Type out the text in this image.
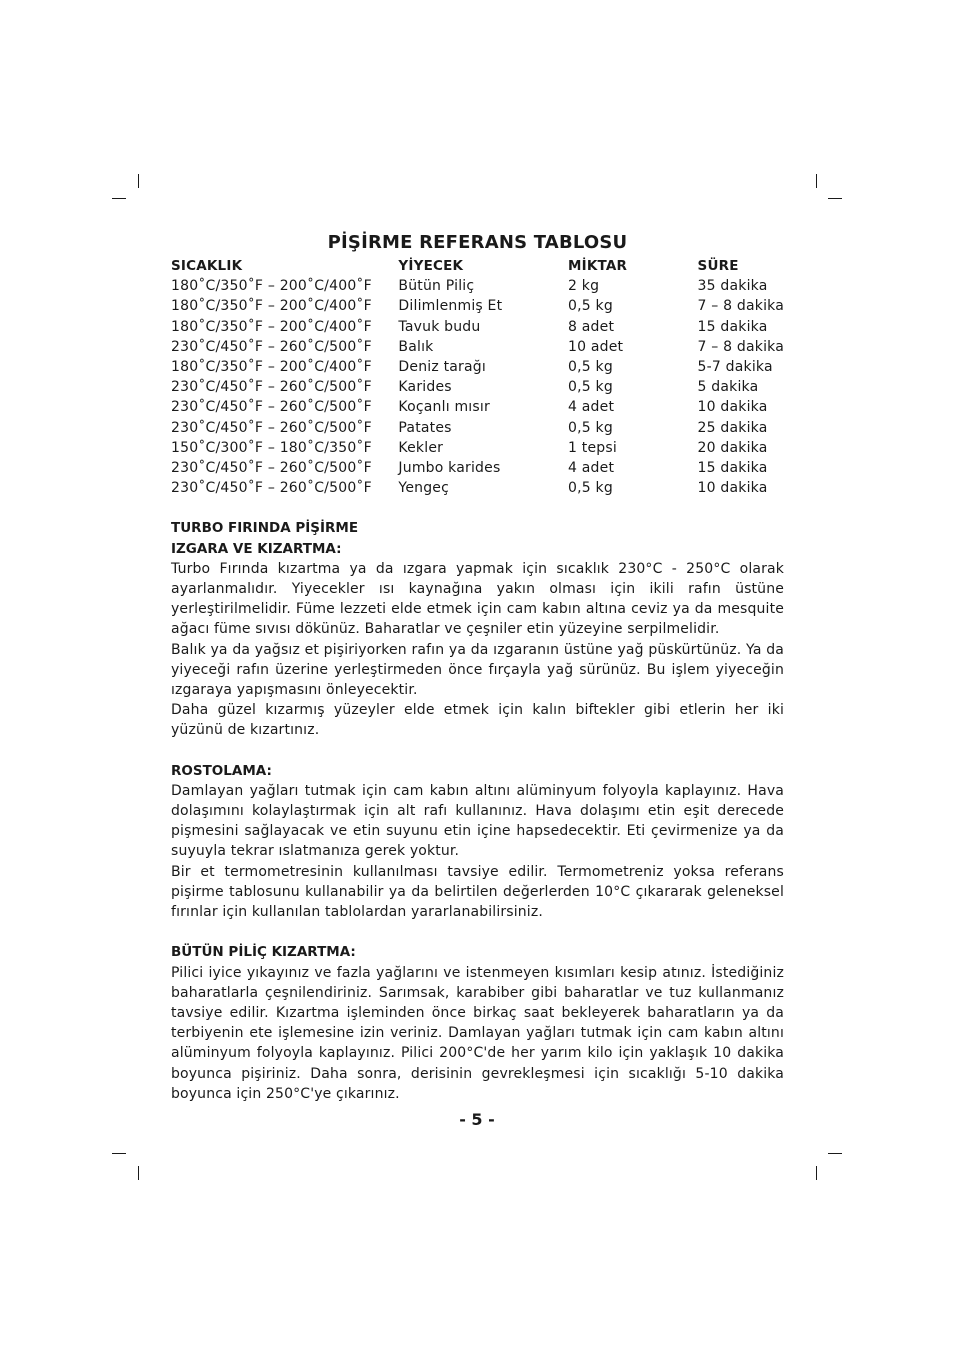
PİŞİRME REFERANS TABLOSU
SICAKLIK	YİYECEK	MİKTAR	SÜRE
180˚C/350˚F – 200˚C/400˚F	Bütün Piliç	2 kg	35 dakika
180˚C/350˚F – 200˚C/400˚F	Dilimlenmiş Et	0,5 kg	7 – 8 dakika
180˚C/350˚F – 200˚C/400˚F	Tavuk budu	8 adet	15 dakika
230˚C/450˚F – 260˚C/500˚F	Balık	10 adet	7 – 8 dakika
180˚C/350˚F – 200˚C/400˚F	Deniz tarağı	0,5 kg	5-7 dakika
230˚C/450˚F – 260˚C/500˚F	Karides	0,5 kg	5 dakika
230˚C/450˚F – 260˚C/500˚F	Koçanlı mısır	4 adet	10 dakika
230˚C/450˚F – 260˚C/500˚F	Patates	0,5 kg	25 dakika
150˚C/300˚F – 180˚C/350˚F	Kekler	1 tepsi	20 dakika
230˚C/450˚F – 260˚C/500˚F	Jumbo karides	4 adet	15 dakika
230˚C/450˚F – 260˚C/500˚F	Yengeç	0,5 kg	10 dakika

TURBO FIRINDA PİŞİRME

IZGARA VE KIZARTMA:

Turbo Fırında kızartma ya da ızgara yapmak için sıcaklık 230°C - 250°C olarak ayarlanmalıdır. Yiyecekler ısı kaynağına yakın olması için ikili rafın üstüne yerleştirilmelidir. Füme lezzeti elde etmek için cam kabın altına ceviz ya da mesquite ağacı füme sıvısı dökünüz. Baharatlar ve çeşniler etin yüzeyine serpilmelidir.

Balık ya da yağsız et pişiriyorken rafın ya da ızgaranın üstüne yağ püskürtünüz. Ya da yiyeceği rafın üzerine yerleştirmeden önce fırçayla yağ sürünüz. Bu işlem yiyeceğin ızgaraya yapışmasını önleyecektir.

Daha güzel kızarmış yüzeyler elde etmek için kalın biftekler gibi etlerin her iki yüzünü de kızartınız.

ROSTOLAMA:

Damlayan yağları tutmak için cam kabın altını alüminyum folyoyla kaplayınız. Hava dolaşımını kolaylaştırmak için alt rafı kullanınız. Hava dolaşımı etin eşit derecede pişmesini sağlayacak ve etin suyunu etin içine hapsedecektir. Eti çevirmenize ya da suyuyla tekrar ıslatmanıza gerek yoktur.

Bir et termometresinin kullanılması tavsiye edilir. Termometreniz yoksa referans pişirme tablosunu kullanabilir ya da belirtilen değerlerden 10°C çıkararak geleneksel fırınlar için kullanılan tablolardan yararlanabilirsiniz.

BÜTÜN PİLİÇ KIZARTMA:

Pilici iyice yıkayınız ve fazla yağlarını ve istenmeyen kısımları kesip atınız. İstediğiniz baharatlarla çeşnilendiriniz. Sarımsak, karabiber gibi baharatlar ve tuz kullanmanız tavsiye edilir. Kızartma işleminden önce birkaç saat bekleyerek baharatların ya da terbiyenin ete işlemesine izin veriniz. Damlayan yağları tutmak için cam kabın altını alüminyum folyoyla kaplayınız. Pilici 200°C'de her yarım kilo için yaklaşık 10 dakika boyunca pişiriniz. Daha sonra, derisinin gevrekleşmesi için sıcaklığı 5-10 dakika boyunca için 250°C'ye çıkarınız.

- 5 -
